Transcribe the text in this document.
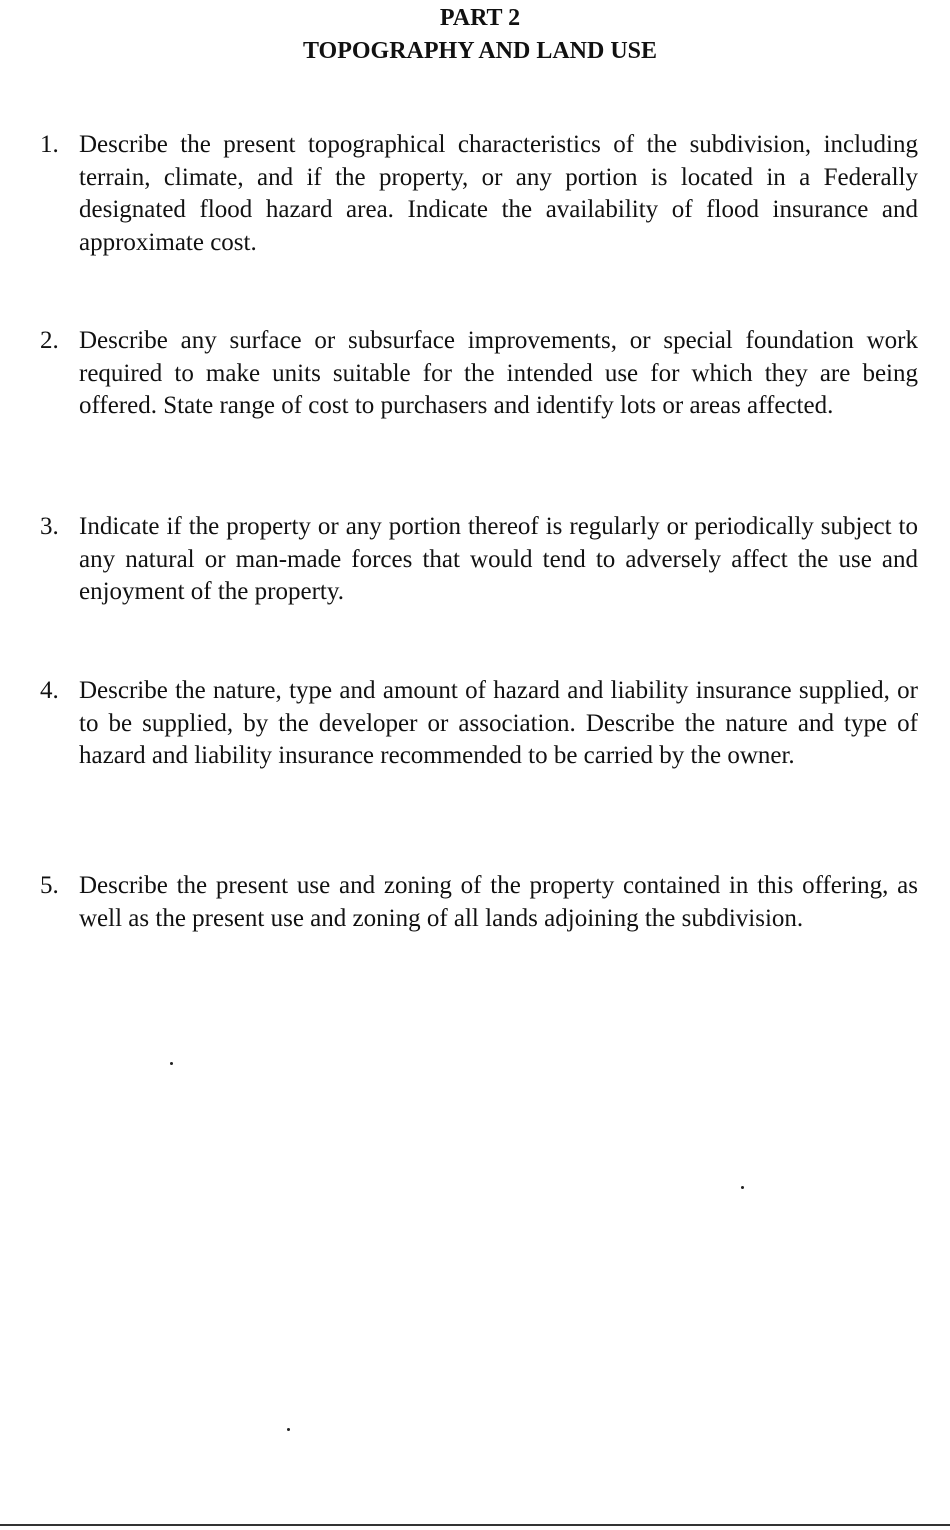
PART 2
TOPOGRAPHY AND LAND USE
1. Describe the present topographical characteristics of the subdivision, including terrain, climate, and if the property, or any portion is located in a Federally designated flood hazard area. Indicate the availability of flood insurance and approximate cost.
2. Describe any surface or subsurface improvements, or special foundation work required to make units suitable for the intended use for which they are being offered. State range of cost to purchasers and identify lots or areas affected.
3. Indicate if the property or any portion thereof is regularly or periodically subject to any natural or man-made forces that would tend to adversely affect the use and enjoyment of the property.
4. Describe the nature, type and amount of hazard and liability insurance supplied, or to be supplied, by the developer or association. Describe the nature and type of hazard and liability insurance recommended to be carried by the owner.
5. Describe the present use and zoning of the property contained in this offering, as well as the present use and zoning of all lands adjoining the subdivision.
